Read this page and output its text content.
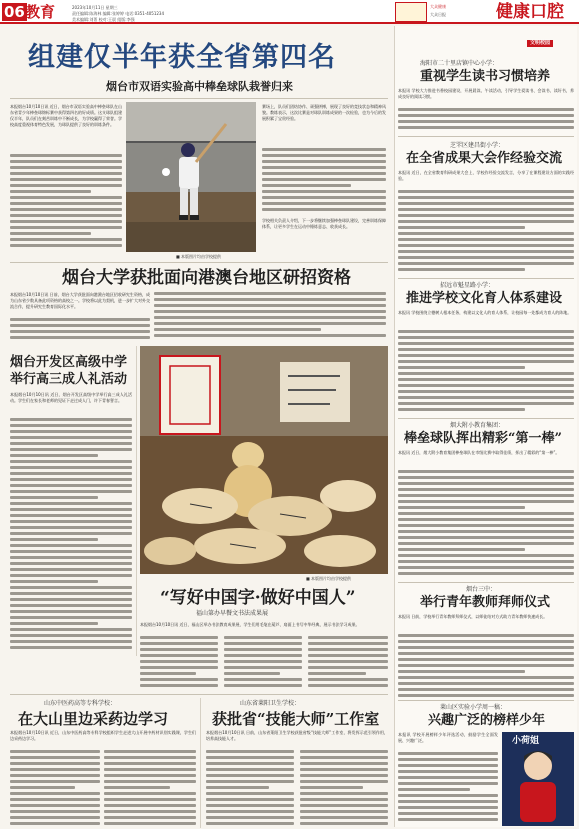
06 教育	2023年10月11日 星期三
责任编辑:陈海林 编辑:张婷婷 电话:0351-4051234
美术编辑:刘菁 校对:王晨 组版:李强
大众健康
大众日报	健康口腔
组建仅半年获全省第四名
烟台市双语实验高中棒垒球队栽誉归来
本报烟台10月10日讯 近日，烟台市双语实验高中棒垒球队在山东省青少年棒垒球锦标赛中获得第四名的好成绩。这支球队组建仅半年，队员们在刻苦训练中不断成长，为学校赢得了荣誉。学校高度重视体育特色发展，为球队提供了良好的训练条件。
■ 本版图片均由学校提供
赛场上，队员们团结协作、顽强拼搏，展现了良好的竞技状态和精神风貌。教练表示，这次比赛是对球队训练成果的一次检验，也为今后的发展积累了宝贵经验。
学校相关负责人介绍，下一步将继续加强棒垒球队建设，完善训练保障体系，让更多学生在运动中锤炼意志、收获成长。
烟台大学获批面向港澳台地区研招资格
本报烟台10月10日讯 日前，烟台大学获批面向港澳台地区招收研究生资格，成为山东省少数具备此项资格的高校之一。学校将以此为契机，进一步扩大对外交流合作，提升研究生教育国际化水平。
烟台开发区高级中学
举行高三成人礼活动
本报烟台10月10日讯 近日，烟台开发区高级中学举行高三成人礼活动。学生们在家长和老师的见证下走过成人门，许下青春誓言。
■ 本版图片均由学校提供
“写好中国字·做好中国人”
福山第办早餐文书法成果展
本报烟台10月10日讯 近日，福山区举办书法教育成果展，学生们用毛笔在葫芦、扇面上书写中华经典，展示书法学习成果。
山东中医药高等专科学校：
在大山里边采药边学习
本报烟台10月10日讯 近日，山东中医药高等专科学校组织学生走进大山开展中药材识别实践课，学生们边采药边学习。
山东省莱阳卫生学校：
获批省“技能大师”工作室
本报烟台10月10日讯 日前，山东省莱阳卫生学校获批省级“技能大师”工作室，将发挥示范引领作用，培养高技能人才。
文明校园
海阳市二十里店镇中心小学：
重视学生读书习惯培养
本报讯 学校大力推进书香校园建设，开展晨读、午读活动，引导学生爱读书、会读书、读好书，养成良好的阅读习惯。
芝罘区建昌街小学：
在全省成果大会作经验交流
本报讯 近日，在全省教育科研成果大会上，学校作经验交流发言，分享了在课程建设方面的实践经验。
招远市魁星路小学：
推进学校文化育人体系建设
本报讯 学校围绕立德树人根本任务，构建以文化人的育人体系，让校园每一处都成为育人的阵地。
烟大附小教育集团：
棒垒球队挥出精彩“第一棒”
本报讯 近日，烟大附小教育集团棒垒球队在市级比赛中取得佳绩，挥出了精彩的“第一棒”。
烟台三中：
举行青年教师拜师仪式
本报讯 日前，学校举行青年教师拜师仪式，以师徒结对方式助力青年教师快速成长。
莱山区实验小学周一稿：
兴趣广泛的榜样少年
本报讯 学校开展榜样少年评选活动，鼓励学生全面发展、兴趣广泛。	小荷姐
